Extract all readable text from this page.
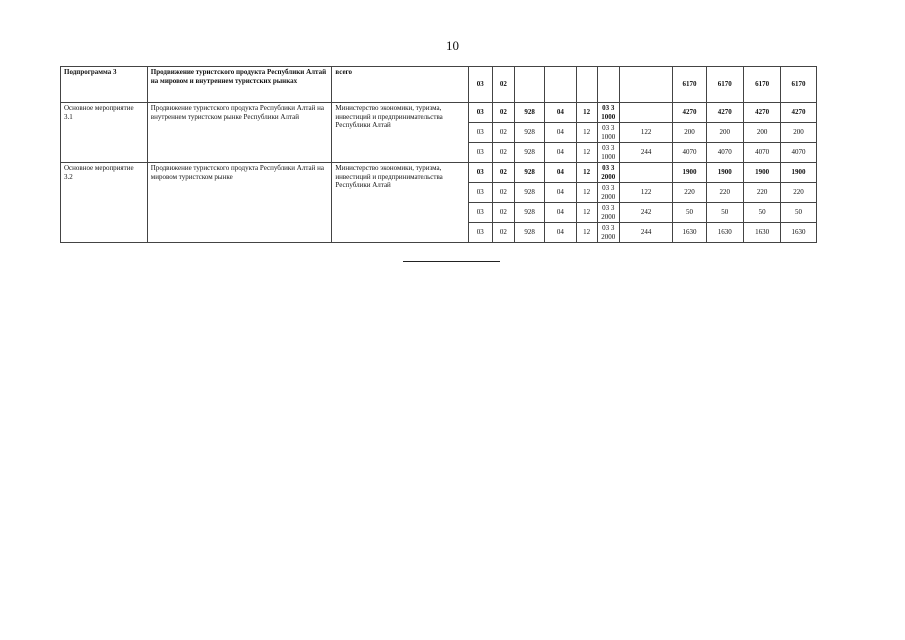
10
Подпрограмма 3	Продвижение туристского продукта Республики Алтай на мировом и внутреннем туристских рынках	всего	03	02						6170	6170	6170	6170
Основное мероприятие 3.1	Продвижение туристского продукта Республики Алтай на внутреннем туристском рынке Республики Алтай	Министерство экономики, туризма, инвестиций и предпринимательства Республики Алтай	03	02	928	04	12	03 3 1000		4270	4270	4270	4270
			03	02	928	04	12	03 3 1000	122	200	200	200	200
			03	02	928	04	12	03 3 1000	244	4070	4070	4070	4070
Основное мероприятие 3.2	Продвижение туристского продукта Республики Алтай на мировом туристском рынке	Министерство экономики, туризма, инвестиций и предпринимательства Республики Алтай	03	02	928	04	12	03 3 2000		1900	1900	1900	1900
			03	02	928	04	12	03 3 2000	122	220	220	220	220
			03	02	928	04	12	03 3 2000	242	50	50	50	50
			03	02	928	04	12	03 3 2000	244	1630	1630	1630	1630
